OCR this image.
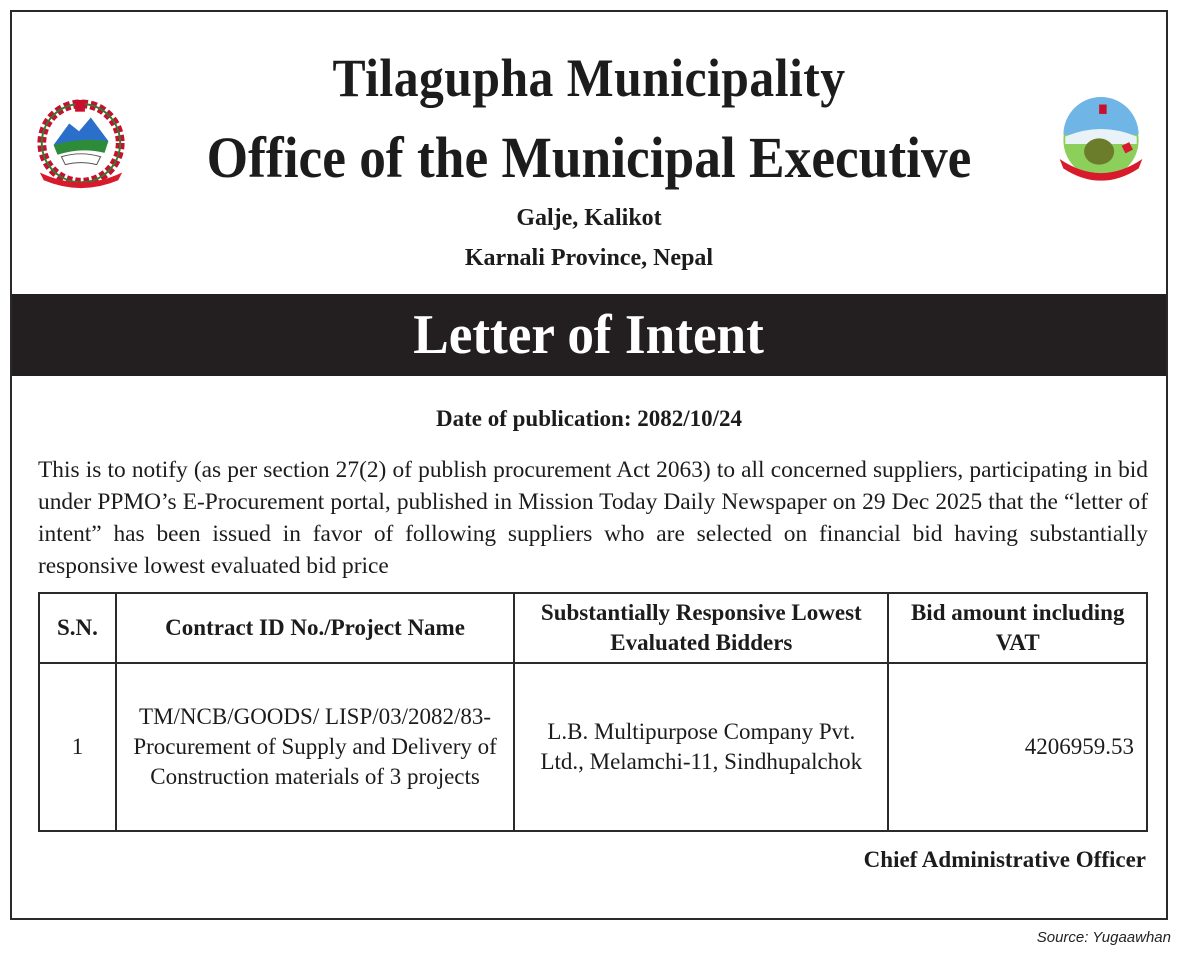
Tilagupha Municipality
Office of the Municipal Executive
Galje, Kalikot
Karnali Province, Nepal
Letter of Intent
Date of publication: 2082/10/24
This is to notify (as per section 27(2) of publish procurement Act 2063) to all concerned suppliers, participating in bid under PPMO’s E-Procurement portal, published in Mission Today Daily Newspaper on 29 Dec 2025 that the “letter of intent” has been issued in favor of following suppliers who are selected on financial bid having substantially responsive lowest evaluated bid price
S.N.	Contract ID No./Project Name	Substantially Responsive Lowest Evaluated Bidders	Bid amount including VAT
1	TM/NCB/GOODS/ LISP/03/2082/83- Procurement of Supply and Delivery of Construction materials of 3 projects	L.B. Multipurpose Company Pvt. Ltd., Melamchi-11, Sindhupalchok	4206959.53
Chief Administrative Officer
Source: Yugaawhan
